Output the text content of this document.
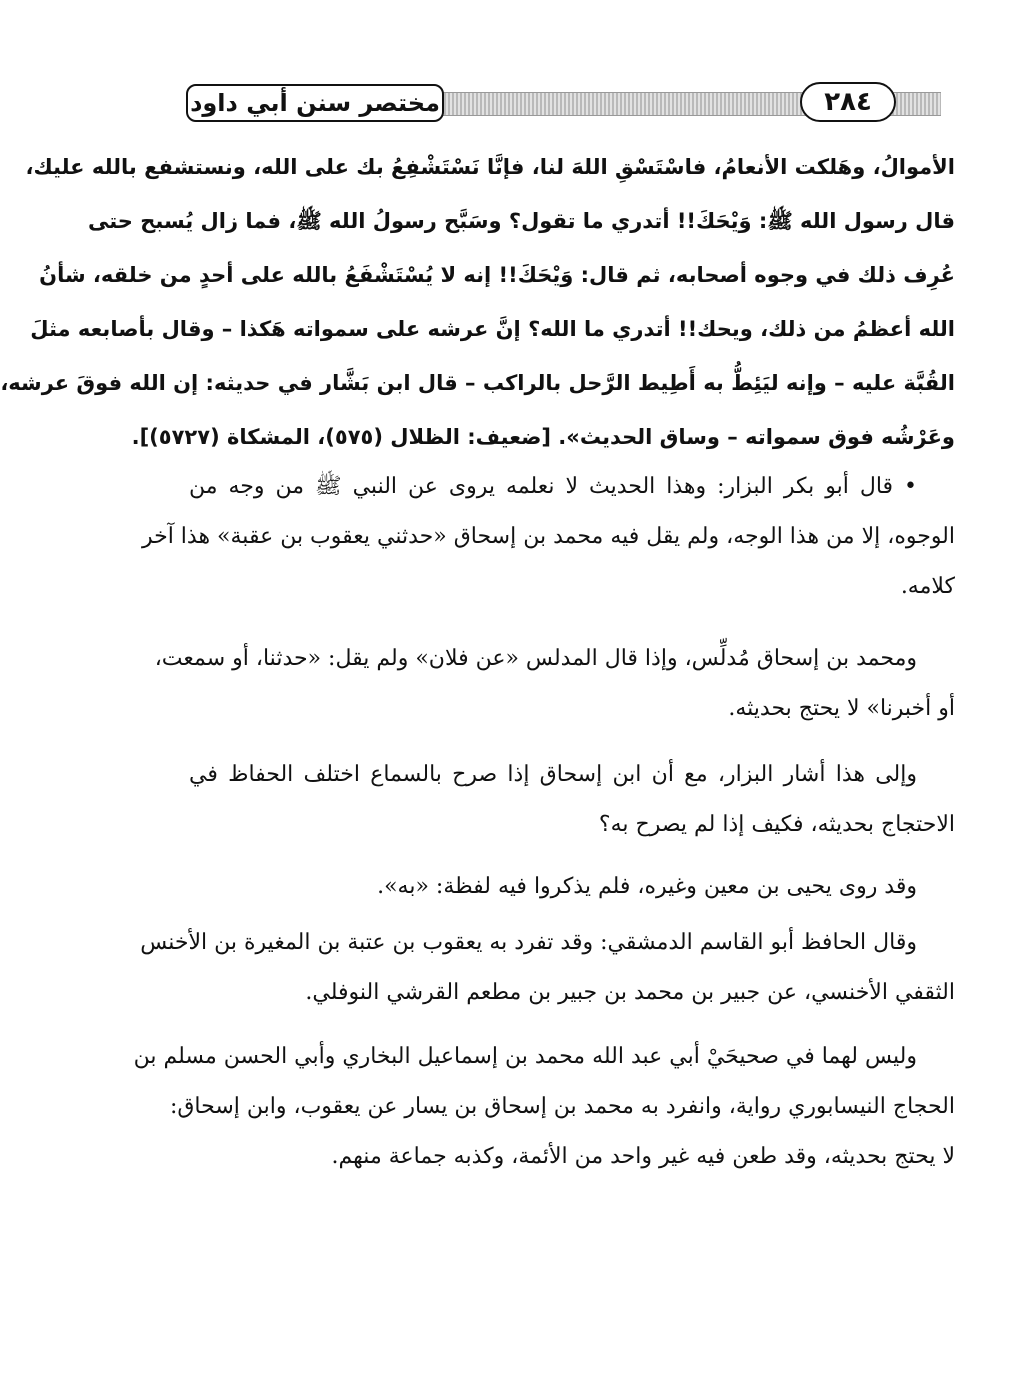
مختصر سنن أبي داود	٢٨٤
الأموالُ، وهَلكت الأنعامُ، فاسْتَسْقِ اللهَ لنا، فإنَّا نَسْتَشْفِعُ بك على الله، ونستشفع بالله عليك،
قال رسول الله ﷺ: وَيْحَكَ!! أتدري ما تقول؟ وسَبَّح رسولُ الله ﷺ، فما زال يُسبح حتى
عُرِف ذلك في وجوه أصحابه، ثم قال: وَيْحَكَ!! إنه لا يُسْتَشْفَعُ بالله على أحدٍ من خلقه، شأنُ
الله أعظمُ من ذلك، ويحك!! أتدري ما الله؟ إنَّ عرشه على سمواته هَكذا – وقال بأصابعه مثلَ
القُبَّة عليه – وإنه ليَئِطُّ به أَطِيط الرَّحل بالراكب – قال ابن بَشَّار في حديثه: إن الله فوقَ عرشه،
وعَرْشُه فوق سمواته – وساق الحديث». [ضعيف: الظلال (٥٧٥)، المشكاة (٥٧٢٧)].
• قال أبو بكر البزار: وهذا الحديث لا نعلمه يروى عن النبي ﷺ من وجه من
الوجوه، إلا من هذا الوجه، ولم يقل فيه محمد بن إسحاق «حدثني يعقوب بن عقبة» هذا آخر
كلامه.
ومحمد بن إسحاق مُدلِّس، وإذا قال المدلس «عن فلان» ولم يقل: «حدثنا، أو سمعت،
أو أخبرنا» لا يحتج بحديثه.
وإلى هذا أشار البزار، مع أن ابن إسحاق إذا صرح بالسماع اختلف الحفاظ في
الاحتجاج بحديثه، فكيف إذا لم يصرح به؟
وقد روى يحيى بن معين وغيره، فلم يذكروا فيه لفظة: «به».
وقال الحافظ أبو القاسم الدمشقي: وقد تفرد به يعقوب بن عتبة بن المغيرة بن الأخنس
الثقفي الأخنسي، عن جبير بن محمد بن جبير بن مطعم القرشي النوفلي.
وليس لهما في صحيحَيْ أبي عبد الله محمد بن إسماعيل البخاري وأبي الحسن مسلم بن
الحجاج النيسابوري رواية، وانفرد به محمد بن إسحاق بن يسار عن يعقوب، وابن إسحاق:
لا يحتج بحديثه، وقد طعن فيه غير واحد من الأئمة، وكذبه جماعة منهم.
